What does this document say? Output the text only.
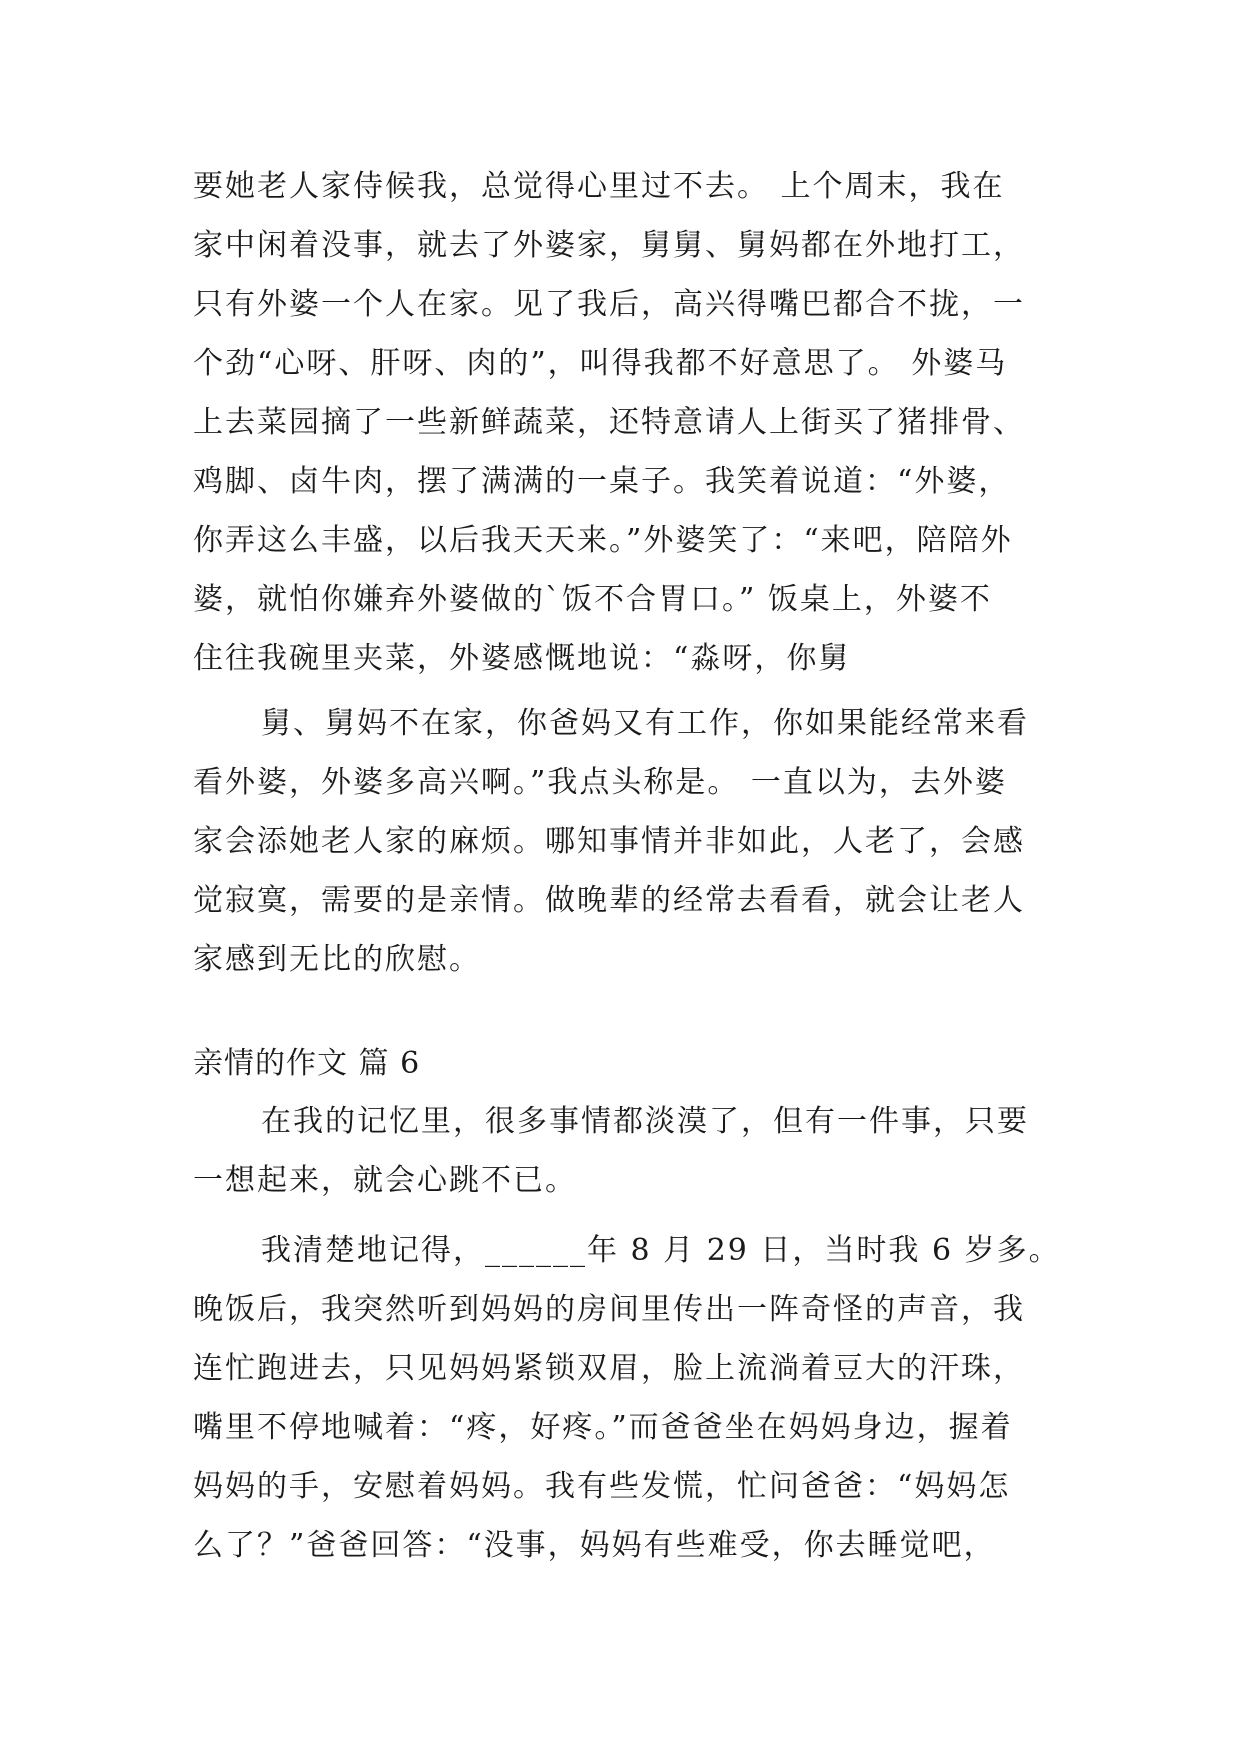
要她老人家侍候我，总觉得心里过不去。 上个周末，我在
家中闲着没事，就去了外婆家，舅舅、舅妈都在外地打工，
只有外婆一个人在家。见了我后，高兴得嘴巴都合不拢，一
个劲“心呀、肝呀、肉的”，叫得我都不好意思了。 外婆马
上去菜园摘了一些新鲜蔬菜，还特意请人上街买了猪排骨、
鸡脚、卤牛肉，摆了满满的一桌子。我笑着说道：“外婆，
你弄这么丰盛，以后我天天来。”外婆笑了：“来吧，陪陪外
婆，就怕你嫌弃外婆做的`饭不合胃口。” 饭桌上，外婆不
住往我碗里夹菜，外婆感慨地说：“淼呀，你舅
舅、舅妈不在家，你爸妈又有工作，你如果能经常来看
看外婆，外婆多高兴啊。”我点头称是。 一直以为，去外婆
家会添她老人家的麻烦。哪知事情并非如此，人老了，会感
觉寂寞，需要的是亲情。做晚辈的经常去看看，就会让老人
家感到无比的欣慰。
亲情的作文 篇 6
在我的记忆里，很多事情都淡漠了，但有一件事，只要
一想起来，就会心跳不已。
我清楚地记得，______年 8 月 29 日，当时我 6 岁多。
晚饭后，我突然听到妈妈的房间里传出一阵奇怪的声音，我
连忙跑进去，只见妈妈紧锁双眉，脸上流淌着豆大的汗珠，
嘴里不停地喊着：“疼，好疼。”而爸爸坐在妈妈身边，握着
妈妈的手，安慰着妈妈。我有些发慌，忙问爸爸：“妈妈怎
么了？”爸爸回答：“没事，妈妈有些难受，你去睡觉吧，
